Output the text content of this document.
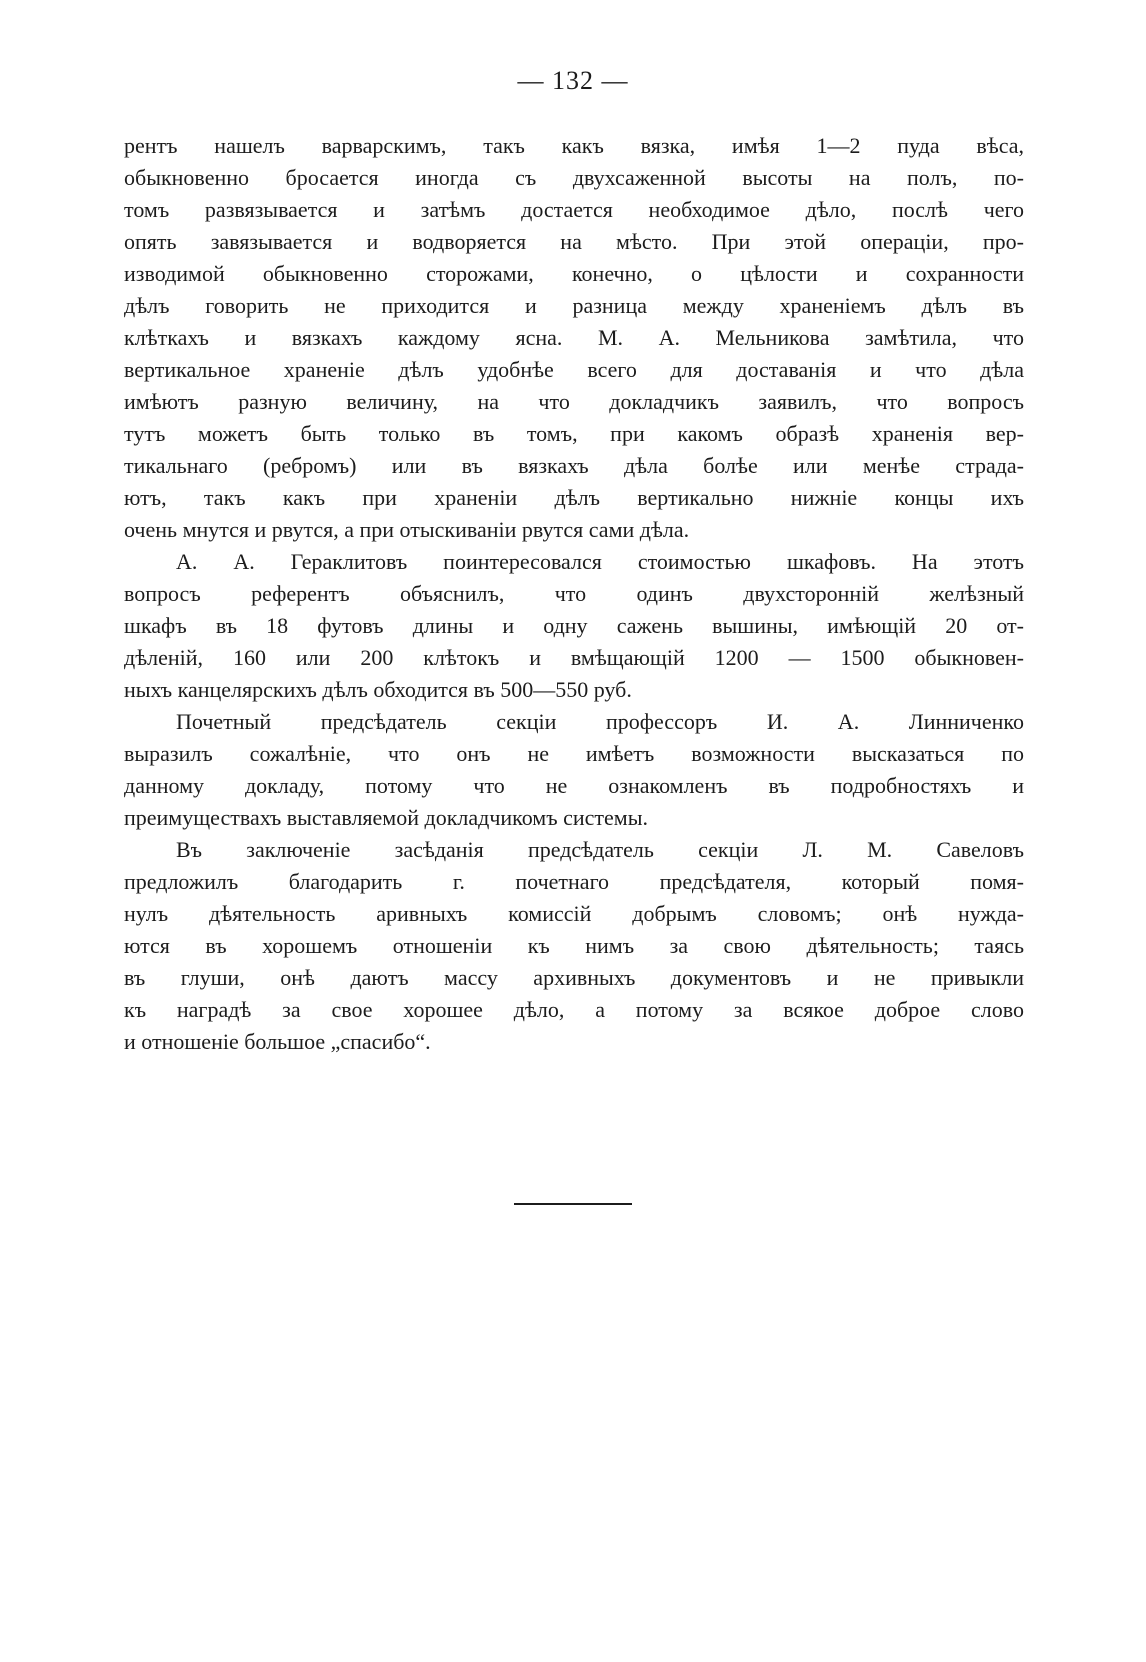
— 132 —
рентъ нашелъ варварскимъ, такъ какъ вязка, имѣя 1—2 пуда вѣса,
обыкновенно бросается иногда съ двухсаженной высоты на полъ, по-
томъ развязывается и затѣмъ достается необходимое дѣло, послѣ чего
опять завязывается и водворяется на мѣсто. При этой операціи, про-
изводимой обыкновенно сторожами, конечно, о цѣлости и сохранности
дѣлъ говорить не приходится и разница между храненіемъ дѣлъ въ
клѣткахъ и вязкахъ каждому ясна. М. А. Мельникова замѣтила, что
вертикальное храненіе дѣлъ удобнѣе всего для доставанія и что дѣла
имѣютъ разную величину, на что докладчикъ заявилъ, что вопросъ
тутъ можетъ быть только въ томъ, при какомъ образѣ храненія вер-
тикальнаго (ребромъ) или въ вязкахъ дѣла болѣе или менѣе страда-
ютъ, такъ какъ при храненіи дѣлъ вертикально нижніе концы ихъ
очень мнутся и рвутся, а при отыскиваніи рвутся сами дѣла.
А. А. Гераклитовъ поинтересовался стоимостью шкафовъ. На этотъ
вопросъ референтъ объяснилъ, что одинъ двухсторонній желѣзный
шкафъ въ 18 футовъ длины и одну сажень вышины, имѣющій 20 от-
дѣленій, 160 или 200 клѣтокъ и вмѣщающій 1200 — 1500 обыкновен-
ныхъ канцелярскихъ дѣлъ обходится въ 500—550 руб.
Почетный предсѣдатель секціи профессоръ И. А. Линниченко
выразилъ сожалѣніе, что онъ не имѣетъ возможности высказаться по
данному докладу, потому что не ознакомленъ въ подробностяхъ и
преимуществахъ выставляемой докладчикомъ системы.
Въ заключеніе засѣданія предсѣдатель секціи Л. М. Савеловъ
предложилъ благодарить г. почетнаго предсѣдателя, который помя-
нулъ дѣятельность аривныхъ комиссій добрымъ словомъ; онѣ нужда-
ются въ хорошемъ отношеніи къ нимъ за свою дѣятельность; таясь
въ глуши, онѣ даютъ массу архивныхъ документовъ и не привыкли
къ наградѣ за свое хорошее дѣло, а потому за всякое доброе слово
и отношеніе большое „спасибо“.
